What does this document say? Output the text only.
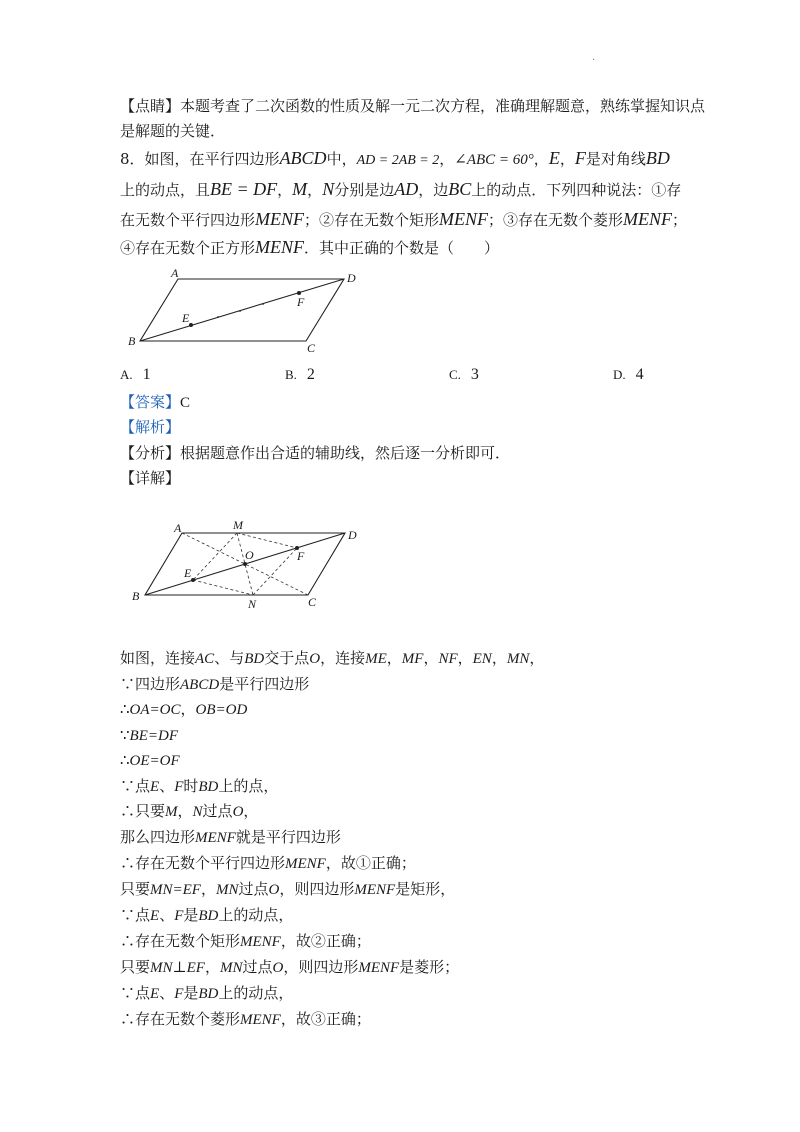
·
【点睛】本题考查了二次函数的性质及解一元二次方程，准确理解题意，熟练掌握知识点
是解题的关键．
8．如图，在平行四边形ABCD中，AD = 2AB = 2，∠ABC = 60°，E，F是对角线BD
上的动点，且BE = DF，M，N分别是边AD，边BC上的动点．下列四种说法：①存
在无数个平行四边形MENF；②存在无数个矩形MENF；③存在无数个菱形MENF；
④存在无数个正方形MENF．其中正确的个数是（　　）
A
B	C
D
E
F
A. 1	B. 2	C. 3	D. 4
【答案】C
【解析】
【分析】根据题意作出合适的辅助线，然后逐一分析即可．
【详解】
A	M
D
B
N	C
O
E
F
如图，连接AC、与BD交于点O，连接ME，MF，NF，EN，MN，
∵四边形ABCD是平行四边形
∴OA=OC，OB=OD
∵BE=DF
∴OE=OF
∵点E、F时BD上的点，
∴只要M，N过点O，
那么四边形MENF就是平行四边形
∴存在无数个平行四边形MENF，故①正确；
只要MN=EF，MN过点O，则四边形MENF是矩形，
∵点E、F是BD上的动点，
∴存在无数个矩形MENF，故②正确；
只要MN⊥EF，MN过点O，则四边形MENF是菱形；
∵点E、F是BD上的动点，
∴存在无数个菱形MENF，故③正确；
